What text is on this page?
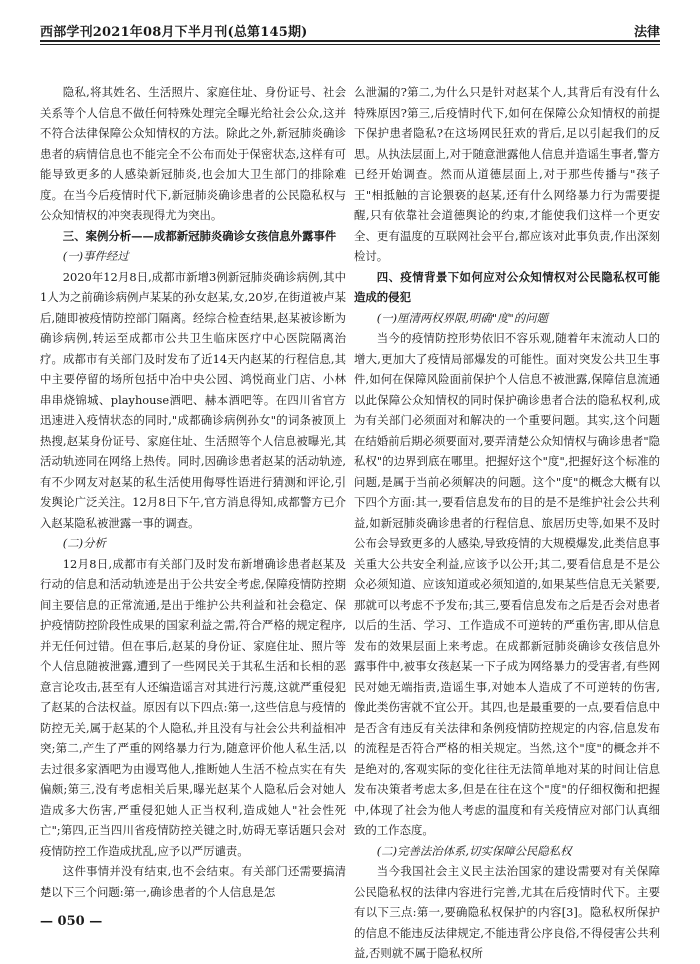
西部学刊2021年08月下半月刊(总第145期)	法律

隐私,将其姓名、生活照片、家庭住址、身份证号、社会关系等个人信息不做任何特殊处理完全曝光给社会公众,这并不符合法律保障公众知情权的方法。除此之外,新冠肺炎确诊患者的病情信息也不能完全不公布而处于保密状态,这样有可能导致更多的人感染新冠肺炎,也会加大卫生部门的排除难度。在当今后疫情时代下,新冠肺炎确诊患者的公民隐私权与公众知情权的冲突表现得尤为突出。

三、案例分析——成都新冠肺炎确诊女孩信息外露事件

(一)事件经过

2020年12月8日,成都市新增3例新冠肺炎确诊病例,其中1人为之前确诊病例卢某某的孙女赵某,女,20岁,在街道被卢某后,随即被疫情防控部门隔离。经综合检查结果,赵某被诊断为确诊病例,转运至成都市公共卫生临床医疗中心医院隔离治疗。成都市有关部门及时发布了近14天内赵某的行程信息,其中主要停留的场所包括中冶中央公园、鸿悦商业门店、小林串串烧锦城、playhouse酒吧、赫本酒吧等。在四川省官方迅速进入疫情状态的同时,"成都确诊病例孙女"的词条被顶上热搜,赵某身份证号、家庭住址、生活照等个人信息被曝光,其活动轨迹同在网络上热传。同时,因确诊患者赵某的活动轨迹,有不少网友对赵某的私生活使用侮辱性语进行猜测和评论,引发舆论广泛关注。12月8日下午,官方消息得知,成都警方已介入赵某隐私被泄露一事的调查。

(二)分析

12月8日,成都市有关部门及时发布新增确诊患者赵某及行动的信息和活动轨迹是出于公共安全考虑,保障疫情防控期间主要信息的正常流通,是出于维护公共利益和社会稳定、保护疫情防控阶段性成果的国家利益之需,符合严格的规定程序,并无任何过错。但在事后,赵某的身份证、家庭住址、照片等个人信息随被泄露,遭到了一些网民关于其私生活和长相的恶意言论攻击,甚至有人还编造谣言对其进行污蔑,这就严重侵犯了赵某的合法权益。原因有以下四点:第一,这些信息与疫情的防控无关,属于赵某的个人隐私,并且没有与社会公共利益相冲突;第二,产生了严重的网络暴力行为,随意评价他人私生活,以去过很多家酒吧为由谩骂他人,推断她人生活不检点实在有失偏颇;第三,没有考虑相关后果,曝光赵某个人隐私后会对她人造成多大伤害,严重侵犯她人正当权利,造成她人"社会性死亡";第四,正当四川省疫情防控关键之时,妨碍无辜话题只会对疫情防控工作造成扰乱,应予以严厉谴责。

这件事情并没有结束,也不会结束。有关部门还需要搞清楚以下三个问题:第一,确诊患者的个人信息是怎

么泄漏的?第二,为什么只是针对赵某个人,其背后有没有什么特殊原因?第三,后疫情时代下,如何在保障公众知情权的前提下保护患者隐私?在这场网民狂欢的背后,足以引起我们的反思。从执法层面上,对于随意泄露他人信息并造谣生事者,警方已经开始调查。然而从道德层面上,对于那些传播与"孩子王"相抵触的言论猥亵的赵某,还有什么网络暴力行为需要提醒,只有依靠社会道德舆论的约束,才能使我们这样一个更安全、更有温度的互联网社会平台,都应该对此事负责,作出深刻检讨。

四、疫情背景下如何应对公众知情权对公民隐私权可能造成的侵犯

(一)厘清两权界限,明确"度"的问题

当今的疫情防控形势依旧不容乐观,随着年末流动人口的增大,更加大了疫情局部爆发的可能性。面对突发公共卫生事件,如何在保障风险面前保护个人信息不被泄露,保障信息流通以此保障公众知情权的同时保护确诊患者合法的隐私权利,成为有关部门必须面对和解决的一个重要问题。其实,这个问题在结婚前后期必须要面对,要弄清楚公众知情权与确诊患者"隐私权"的边界到底在哪里。把握好这个"度",把握好这个标准的问题,是属于当前必须解决的问题。这个"度"的概念大概有以下四个方面:其一,要看信息发布的目的是不是维护社会公共利益,如新冠肺炎确诊患者的行程信息、旅居历史等,如果不及时公布会导致更多的人感染,导致疫情的大规模爆发,此类信息事关重大公共安全利益,应该予以公开;其二,要看信息是不是公众必须知道、应该知道或必须知道的,如果某些信息无关紧要,那就可以考虑不予发布;其三,要看信息发布之后是否会对患者以后的生活、学习、工作造成不可逆转的严重伤害,即从信息发布的效果层面上来考虑。在成都新冠肺炎确诊女孩信息外露事件中,被事女孩赵某一下子成为网络暴力的受害者,有些网民对她无端指责,造谣生事,对她本人造成了不可逆转的伤害,像此类伤害就不宜公开。其四,也是最重要的一点,要看信息中是否含有违反有关法律和条例疫情防控规定的内容,信息发布的流程是否符合严格的相关规定。当然,这个"度"的概念并不是绝对的,客观实际的变化往往无法简单地对某的时间让信息发布决策者考虑太多,但是在往在这个"度"的仔细权衡和把握中,体现了社会为他人考虑的温度和有关疫情应对部门认真细致的工作态度。

(二)完善法治体系,切实保障公民隐私权

当今我国社会主义民主法治国家的建设需要对有关保障公民隐私权的法律内容进行完善,尤其在后疫情时代下。主要有以下三点:第一,要确隐私权保护的内容[3]。隐私权所保护的信息不能违反法律规定,不能违背公序良俗,不得侵害公共利益,否则就不属于隐私权所

— 050 —
